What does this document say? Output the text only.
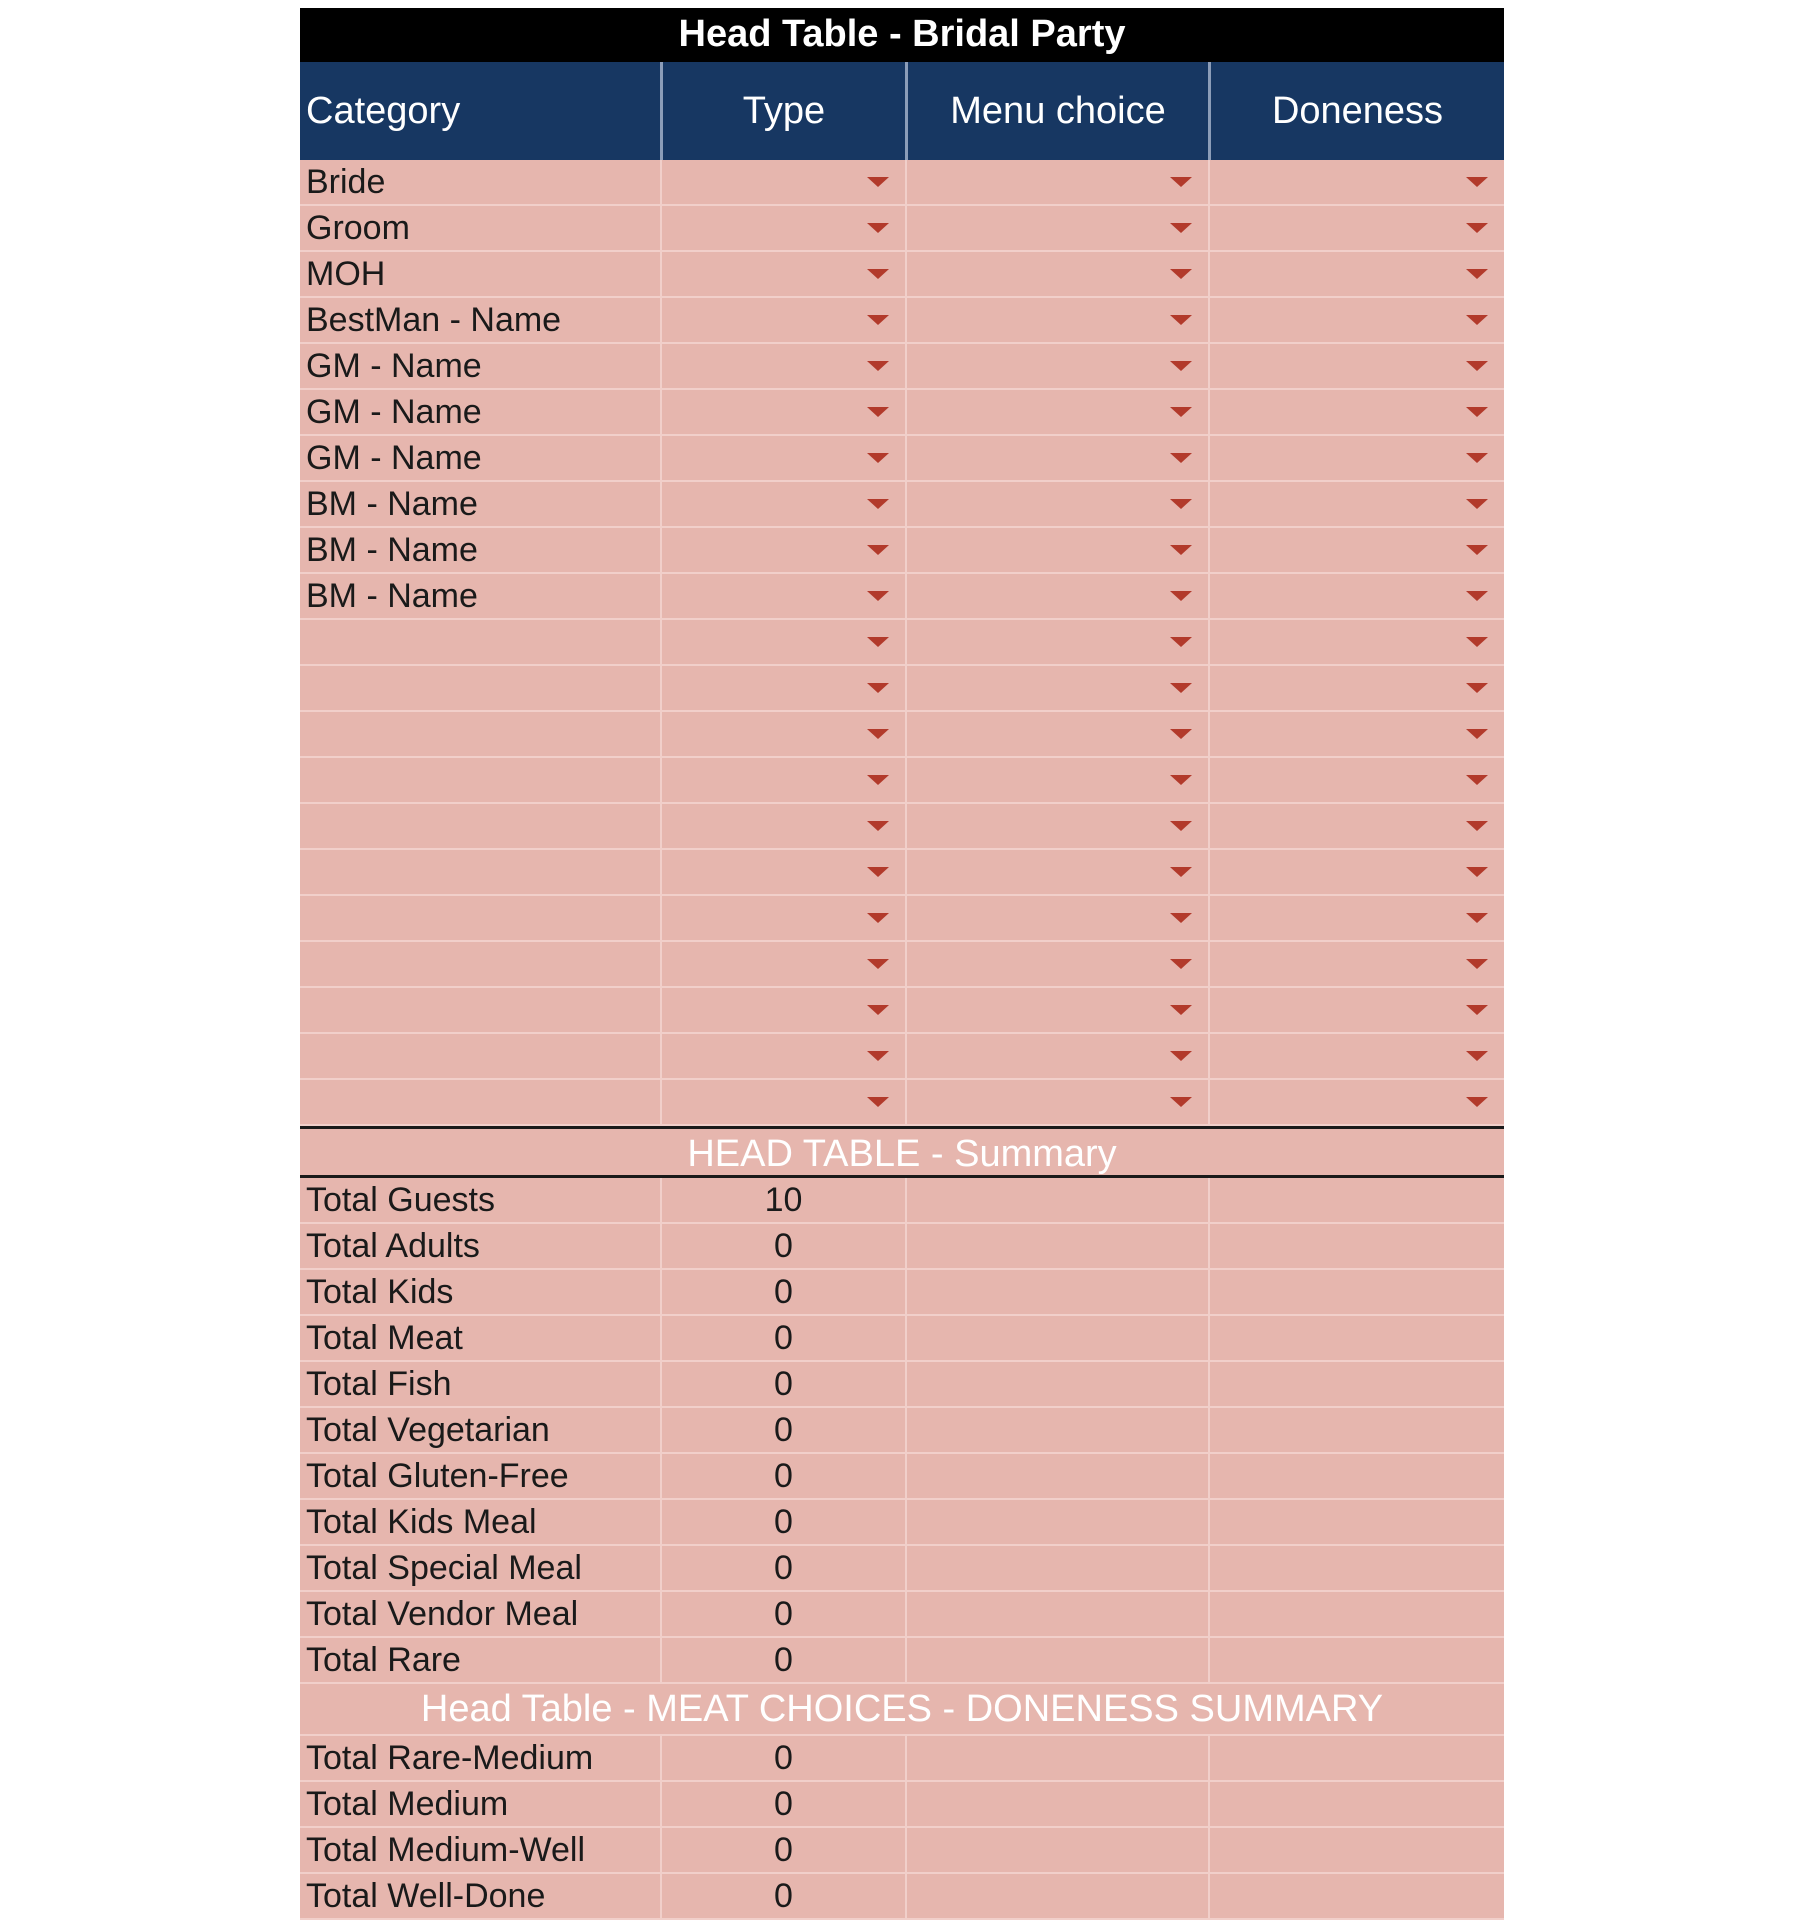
Head Table - Bridal Party
Category	Type	Menu choice	Doneness
Bride
Groom
MOH
BestMan - Name
GM - Name
GM - Name
GM - Name
BM - Name
BM - Name
BM - Name
HEAD TABLE - Summary
Total Guests	10
Total Adults	0
Total Kids	0
Total Meat	0
Total Fish	0
Total Vegetarian	0
Total Gluten-Free	0
Total Kids Meal	0
Total Special Meal	0
Total Vendor Meal	0
Total Rare	0
Head Table - MEAT CHOICES - DONENESS SUMMARY
Total Rare-Medium	0
Total Medium	0
Total Medium-Well	0
Total Well-Done	0
